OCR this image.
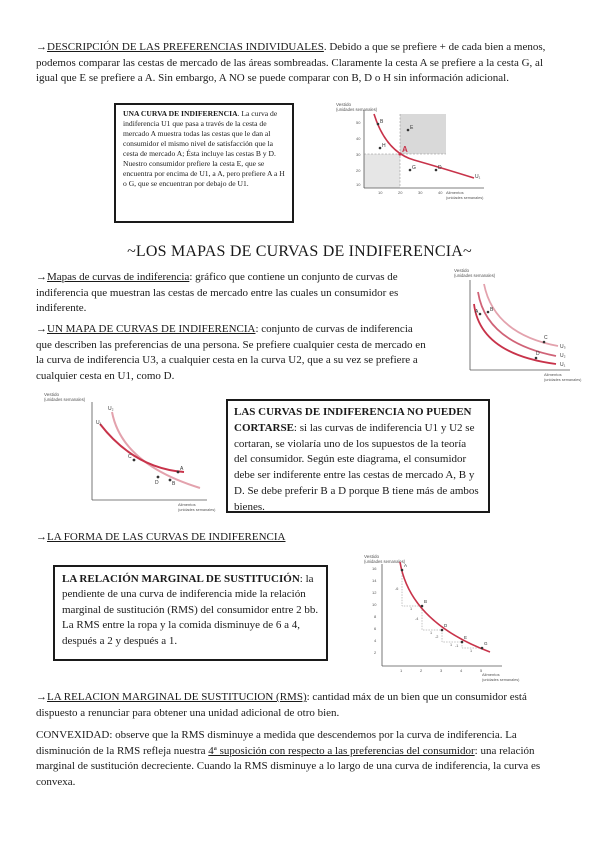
→DESCRIPCIÓN DE LAS PREFERENCIAS INDIVIDUALES. Debido a que se prefiere + de cada bien a menos, podemos comparar las cestas de mercado de las áreas sombreadas. Claramente la cesta A se prefiere a la cesta G, al igual que E se prefiere a A. Sin embargo, A NO se puede comparar con B, D o H sin información adicional.
UNA CURVA DE INDIFERENCIA. La curva de indiferencia U1 que pasa a través de la cesta de mercado A muestra todas las cestas que le dan al consumidor el mismo nivel de satisfacción que la cesta de mercado A; Ésta incluye las cestas B y D. Nuestro consumidor prefiere la cesta E, que se encuentra por encima de U1, a A, pero prefiere A a H o G, que se encuentran por debajo de U1.
Vestido
(unidades semanales)
50
40
30
20
10
10	20	30	40
E
A
B
D
G
H
U₁
Alimentos
(unidades semanales)
~LOS MAPAS DE CURVAS DE INDIFERENCIA~
→Mapas de curvas de indiferencia: gráfico que contiene un conjunto de curvas de indiferencia que muestran las cestas de mercado entre las cuales un consumidor es indiferente.
→UN MAPA DE CURVAS DE INDIFERENCIA: conjunto de curvas de indiferencia que describen las preferencias de una persona. Se prefiere cualquier cesta de mercado en la curva de indiferencia U3, a cualquier cesta en la curva U2, que a su vez se prefiere a cualquier cesta en U1, como D.
Vestido
(unidades semanales)
B
A
C
D
U₃
U₂
U₁
Alimentos
(unidades semanales)
Vestido
(unidades semanales)
U₂
U₁
C
A
D	B
Alimentos
(unidades semanales)
LAS CURVAS DE INDIFERENCIA NO PUEDEN CORTARSE: si las curvas de indiferencia U1 y U2 se cortaran, se violaría uno de los supuestos de la teoría del consumidor. Según este diagrama, el consumidor debe ser indiferente entre las cestas de mercado A, B y D. Se debe preferir B a D porque B tiene más de ambos bienes.
→LA FORMA DE LAS CURVAS DE INDIFERENCIA
LA RELACIÓN MARGINAL DE SUSTITUCIÓN: la pendiente de una curva de indiferencia mide la relación marginal de sustitución (RMS) del consumidor entre 2 bb. La RMS entre la ropa y la comida disminuye de 6 a 4, después a 2 y después a 1.
Vestido
(unidades semanales)
16
14
12
10
8
6
4
2
1	2	3	4	5
A
B
D
E
G
-6
1
-4
1
-2
1 -1
1
Alimentos
(unidades semanales)
→LA RELACION MARGINAL DE SUSTITUCION (RMS): cantidad máx de un bien que un consumidor está dispuesto a renunciar para obtener una unidad adicional de otro bien.
CONVEXIDAD: observe que la RMS disminuye a medida que descendemos por la curva de indiferencia. La disminución de la RMS refleja nuestra 4ª suposición con respecto a las preferencias del consumidor: una relación marginal de sustitución decreciente. Cuando la RMS disminuye a lo largo de una curva de indiferencia, la curva es convexa.
